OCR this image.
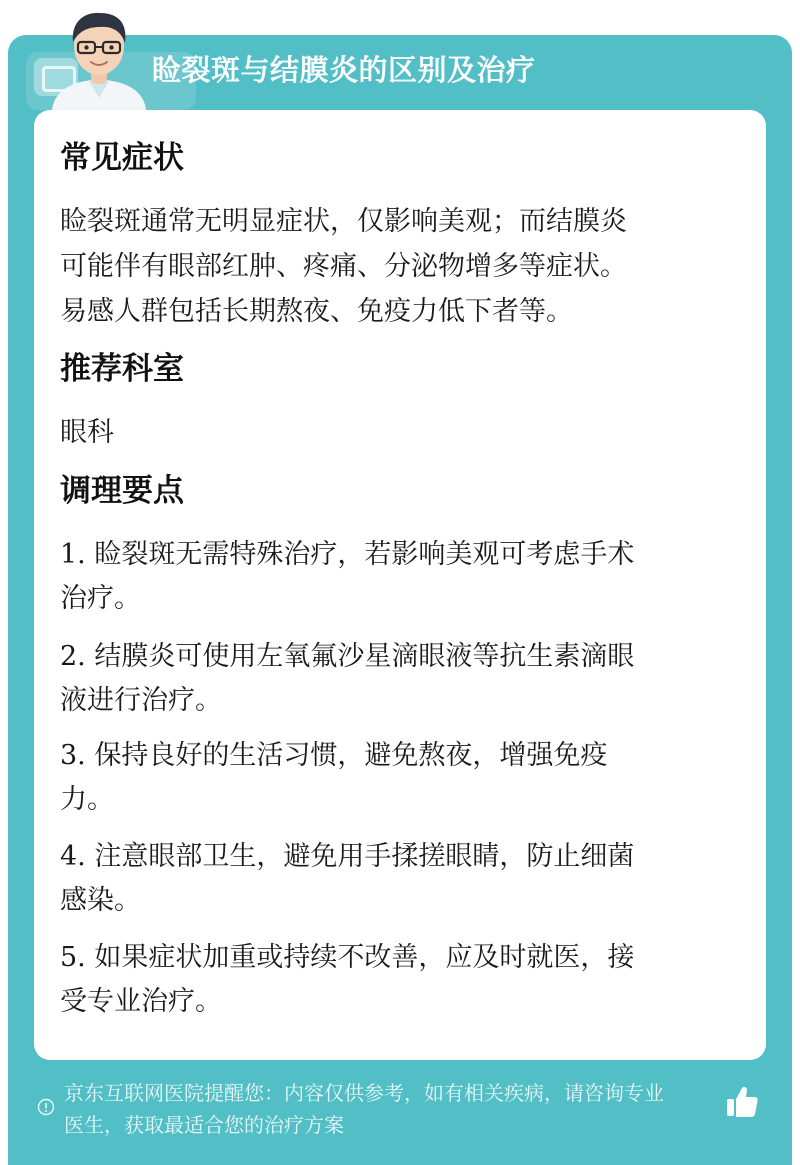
睑裂斑与结膜炎的区别及治疗
常见症状
睑裂斑通常无明显症状，仅影响美观；而结膜炎
可能伴有眼部红肿、疼痛、分泌物增多等症状。
易感人群包括长期熬夜、免疫力低下者等。
推荐科室
眼科
调理要点
1. 睑裂斑无需特殊治疗，若影响美观可考虑手术
治疗。
2. 结膜炎可使用左氧氟沙星滴眼液等抗生素滴眼
液进行治疗。
3. 保持良好的生活习惯，避免熬夜，增强免疫
力。
4. 注意眼部卫生，避免用手揉搓眼睛，防止细菌
感染。
5. 如果症状加重或持续不改善，应及时就医，接
受专业治疗。
京东互联网医院提醒您：内容仅供参考，如有相关疾病，请咨询专业
医生，获取最适合您的治疗方案
